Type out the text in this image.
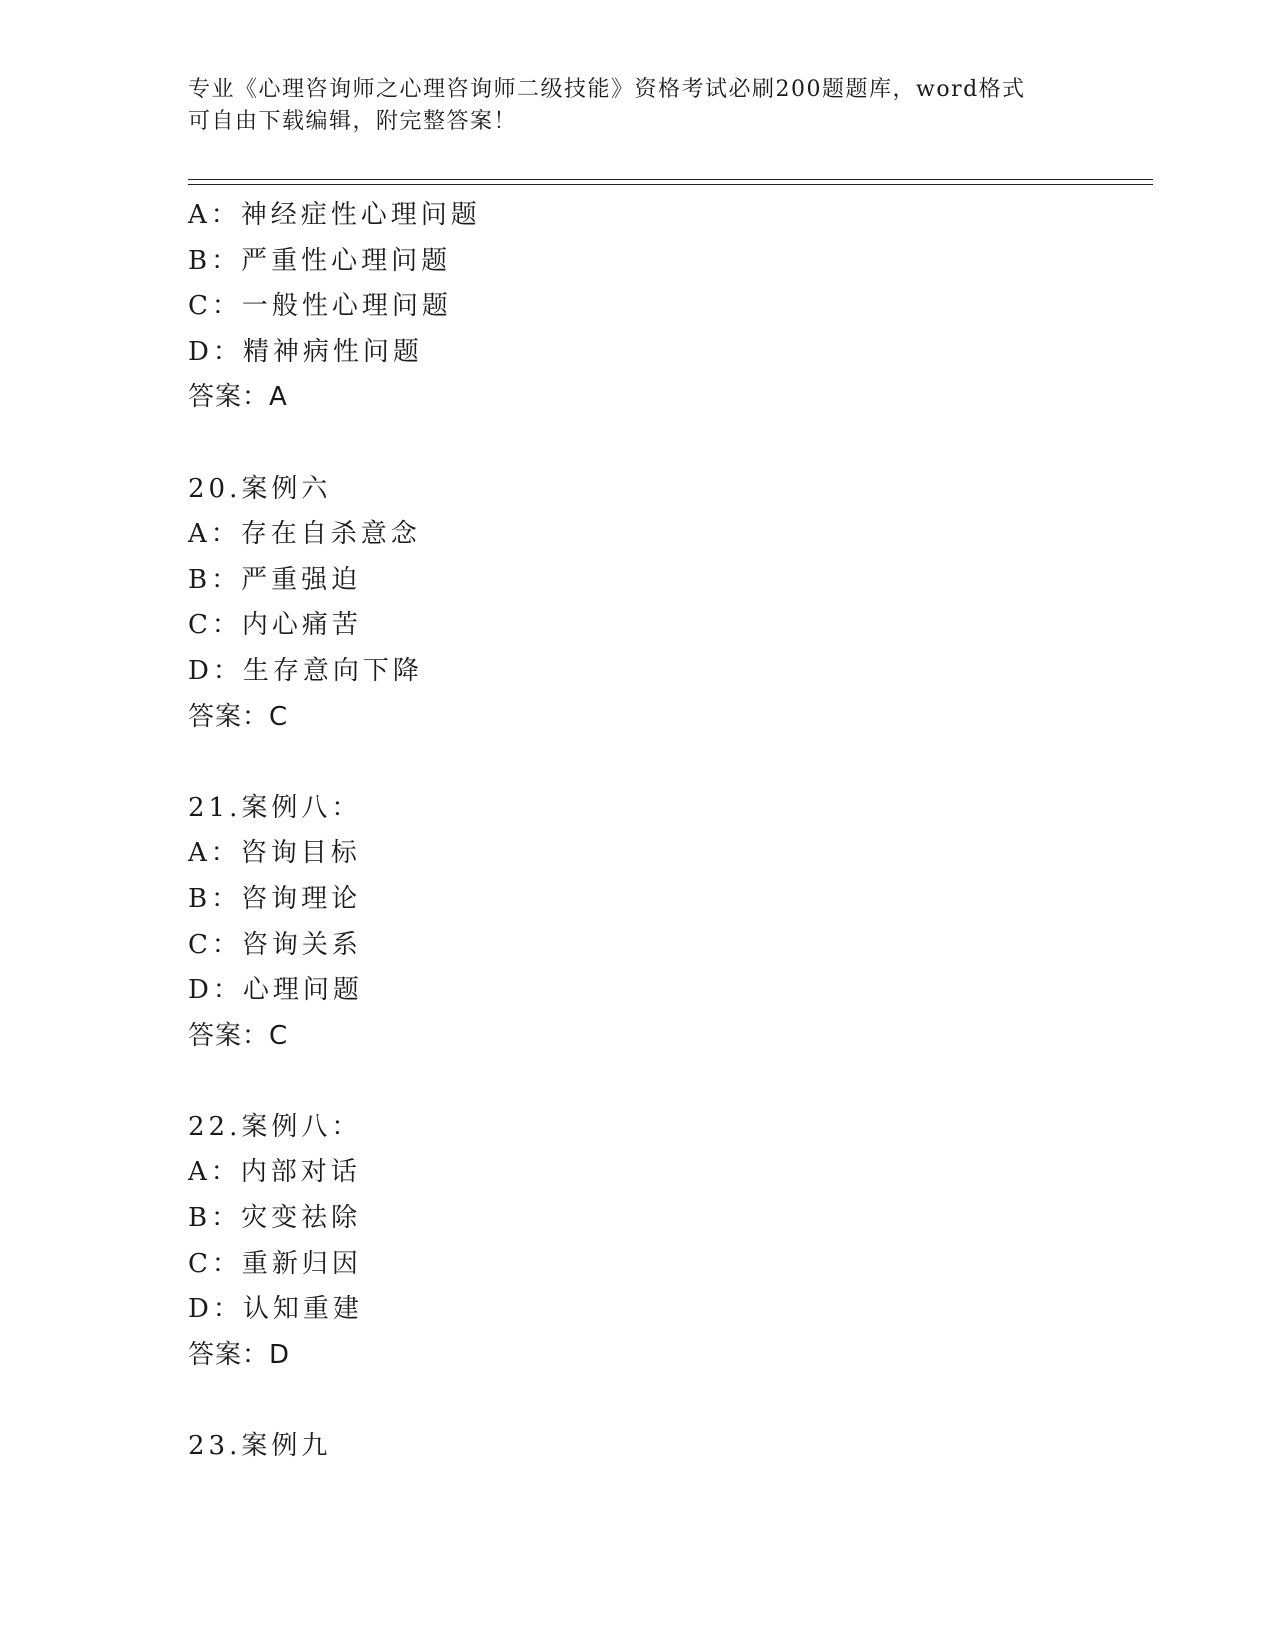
专业《心理咨询师之心理咨询师二级技能》资格考试必刷200题题库，word格式
可自由下载编辑，附完整答案！
A：神经症性心理问题
B：严重性心理问题
C：一般性心理问题
D：精神病性问题
答案：A
20.案例六
A：存在自杀意念
B：严重强迫
C：内心痛苦
D：生存意向下降
答案：C
21.案例八：
A：咨询目标
B：咨询理论
C：咨询关系
D：心理问题
答案：C
22.案例八：
A：内部对话
B：灾变祛除
C：重新归因
D：认知重建
答案：D
23.案例九
